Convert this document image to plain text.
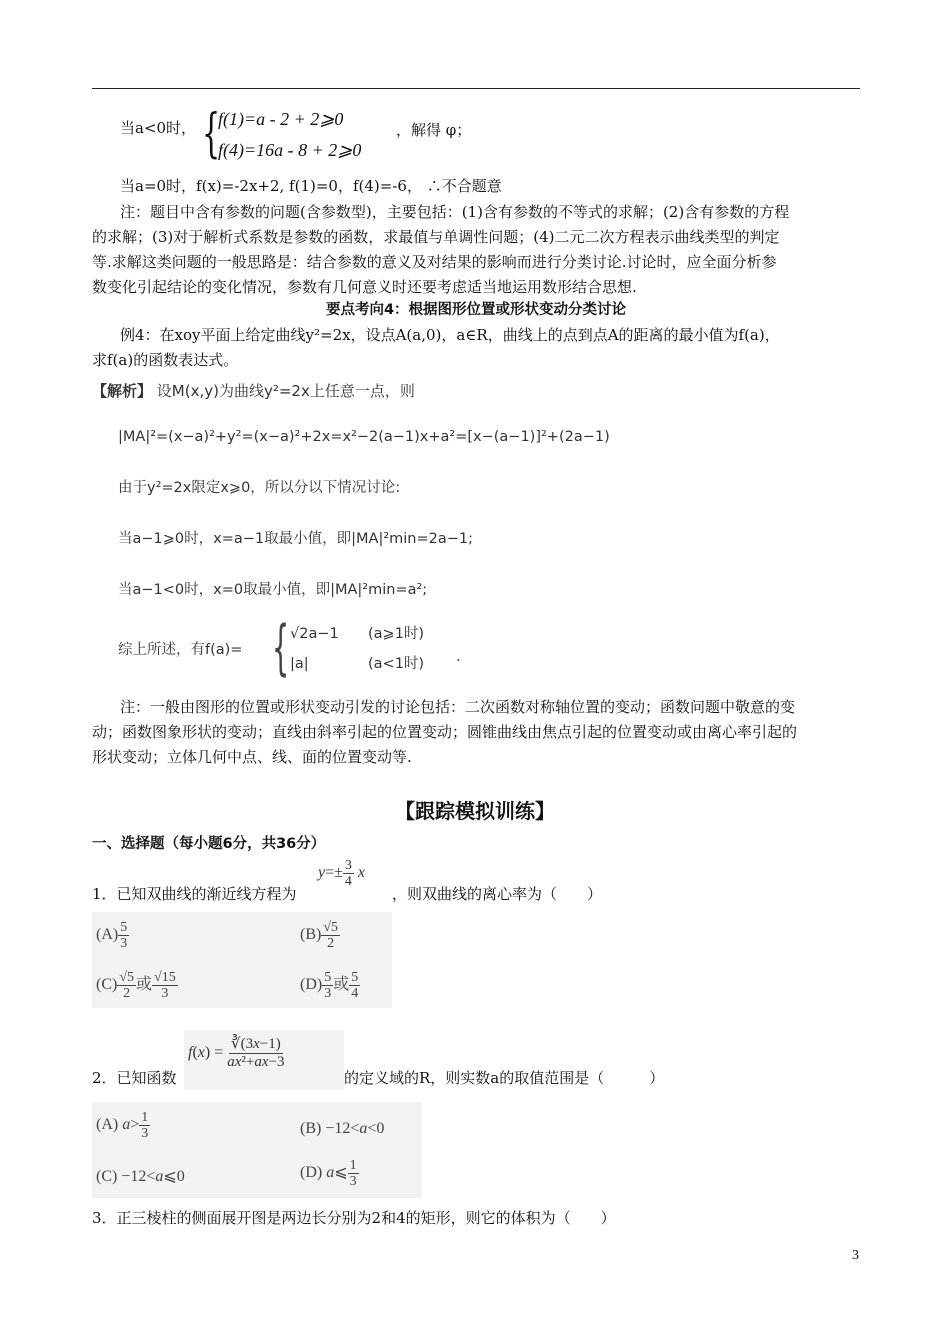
当a<0时， {
f(1)=a - 2 + 2⩾0
f(4)=16a - 8 + 2⩾0
，解得 φ；
当a=0时，f(x)=-2x+2, f(1)=0，f(4)=-6， ∴不合题意
注：题目中含有参数的问题(含参数型)，主要包括：(1)含有参数的不等式的求解；(2)含有参数的方程
的求解；(3)对于解析式系数是参数的函数，求最值与单调性问题；(4)二元二次方程表示曲线类型的判定
等.求解这类问题的一般思路是：结合参数的意义及对结果的影响而进行分类讨论.讨论时，应全面分析参
数变化引起结论的变化情况，参数有几何意义时还要考虑适当地运用数形结合思想.
要点考向4：根据图形位置或形状变动分类讨论
例4：在xoy平面上给定曲线y²=2x，设点A(a,0)，a∈R，曲线上的点到点A的距离的最小值为f(a)，
求f(a)的函数表达式。
【解析】 设M(x,y)为曲线y²=2x上任意一点，则
|MA|²=(x−a)²+y²=(x−a)²+2x=x²−2(a−1)x+a²=[x−(a−1)]²+(2a−1)
由于y²=2x限定x⩾0，所以分以下情况讨论:
当a−1⩾0时，x=a−1取最小值，即|MA|²min=2a−1;
当a−1<0时，x=0取最小值，即|MA|²min=a²;
综上所述，有f(a)= { √2a−1 (a⩾1时)
|a|	(a<1时) .
注：一般由图形的位置或形状变动引发的讨论包括：二次函数对称轴位置的变动；函数问题中敬意的变
动；函数图象形状的变动；直线由斜率引起的位置变动；圆锥曲线由焦点引起的位置变动或由离心率引起的
形状变动；立体几何中点、线、面的位置变动等.
【跟踪模拟训练】
一、选择题（每小题6分，共36分）
1．已知双曲线的渐近线方程为
$y=\pm \frac{3}{4}$ x
，则双曲线的离心率为（　　）
$(A) \frac{5}{3}$	$(B) \frac{√5}{2}$
$(C) \frac{√5}{2}$ 或 $\frac{√15}{3}$	$(D) \frac{5}{3}$ 或 $\frac{5}{4}$
2．已知函数
$f(x) = \frac{∛(3x-1)}{\text{ax²+ax−3}}$
的定义域的R，则实数a的取值范围是（　　　）
(A) $a> \frac{1}{3}$	(B) −12<a<0
(C) −12<a⩽0	(D) a⩽ $\frac{1}{3}$
3．正三棱柱的侧面展开图是两边长分别为2和4的矩形，则它的体积为（　　）
3
